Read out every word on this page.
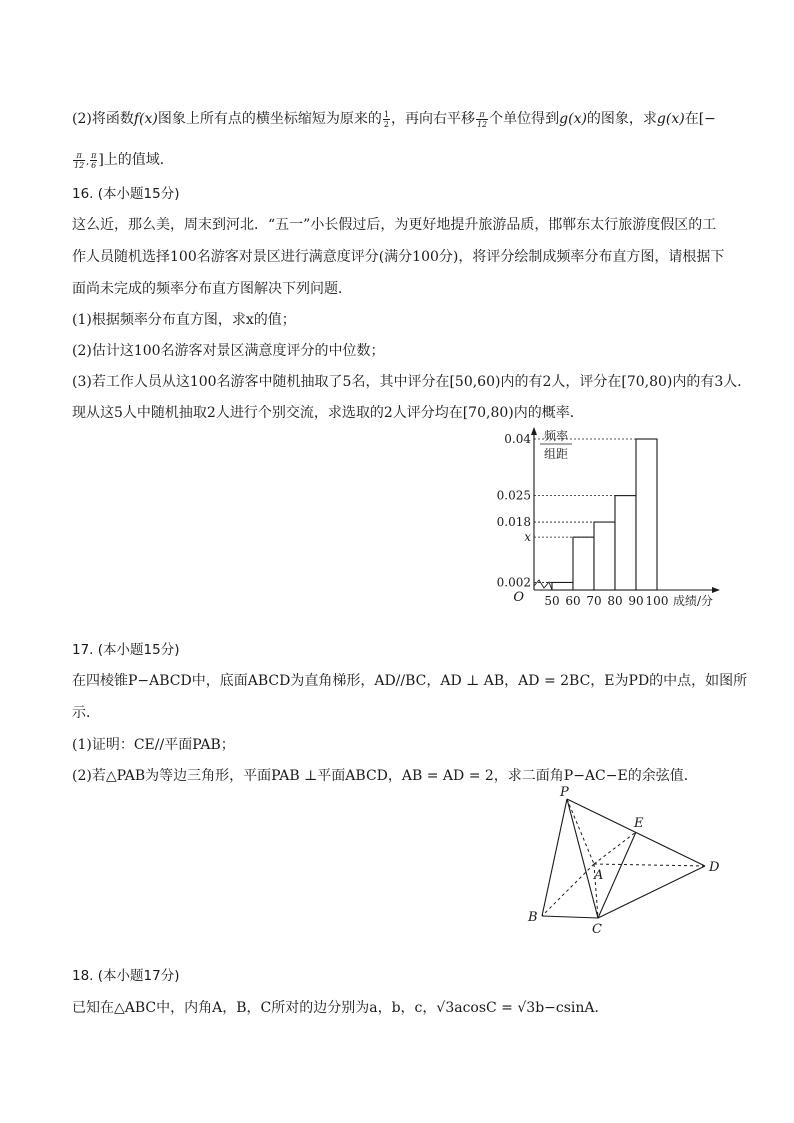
(2)将函数f(x)图象上所有点的横坐标缩短为原来的 $\frac{1}{2}$ ，再向右平移 $\frac{\pi}{12}$ 个单位得到g(x)的图象，求g(x)在[−
$\frac{\pi}{12}$ , $\frac{\pi}{6}$ ]上的值域．
16. (本小题15分)
这么近，那么美，周末到河北．“五一”小长假过后，为更好地提升旅游品质，邯郸东太行旅游度假区的工
作人员随机选择100名游客对景区进行满意度评分(满分100分)，将评分绘制成频率分布直方图，请根据下
面尚未完成的频率分布直方图解决下列问题．
(1)根据频率分布直方图，求x的值；
(2)估计这100名游客对景区满意度评分的中位数；
(3)若工作人员从这100名游客中随机抽取了5名，其中评分在[50,60)内的有2人，评分在[70,80)内的有3人．
现从这5人中随机抽取2人进行个别交流，求选取的2人评分均在[70,80)内的概率．
0.04
0.025
0.018
x
0.002
50 60 70 80 90 100
O	成绩/分
频率
组距
17. (本小题15分)
在四棱锥P−ABCD中，底面ABCD为直角梯形，AD//BC，AD ⊥ AB，AD = 2BC，E为PD的中点，如图所
示．
(1)证明：CE//平面PAB；
(2)若△PAB为等边三角形，平面PAB ⊥平面ABCD，AB = AD = 2，求二面角P−AC−E的余弦值．
P
E
A
D
B
C
18. (本小题17分)
已知在△ABC中，内角A，B，C所对的边分别为a，b，c，√3acosC = √3b−csinA．
